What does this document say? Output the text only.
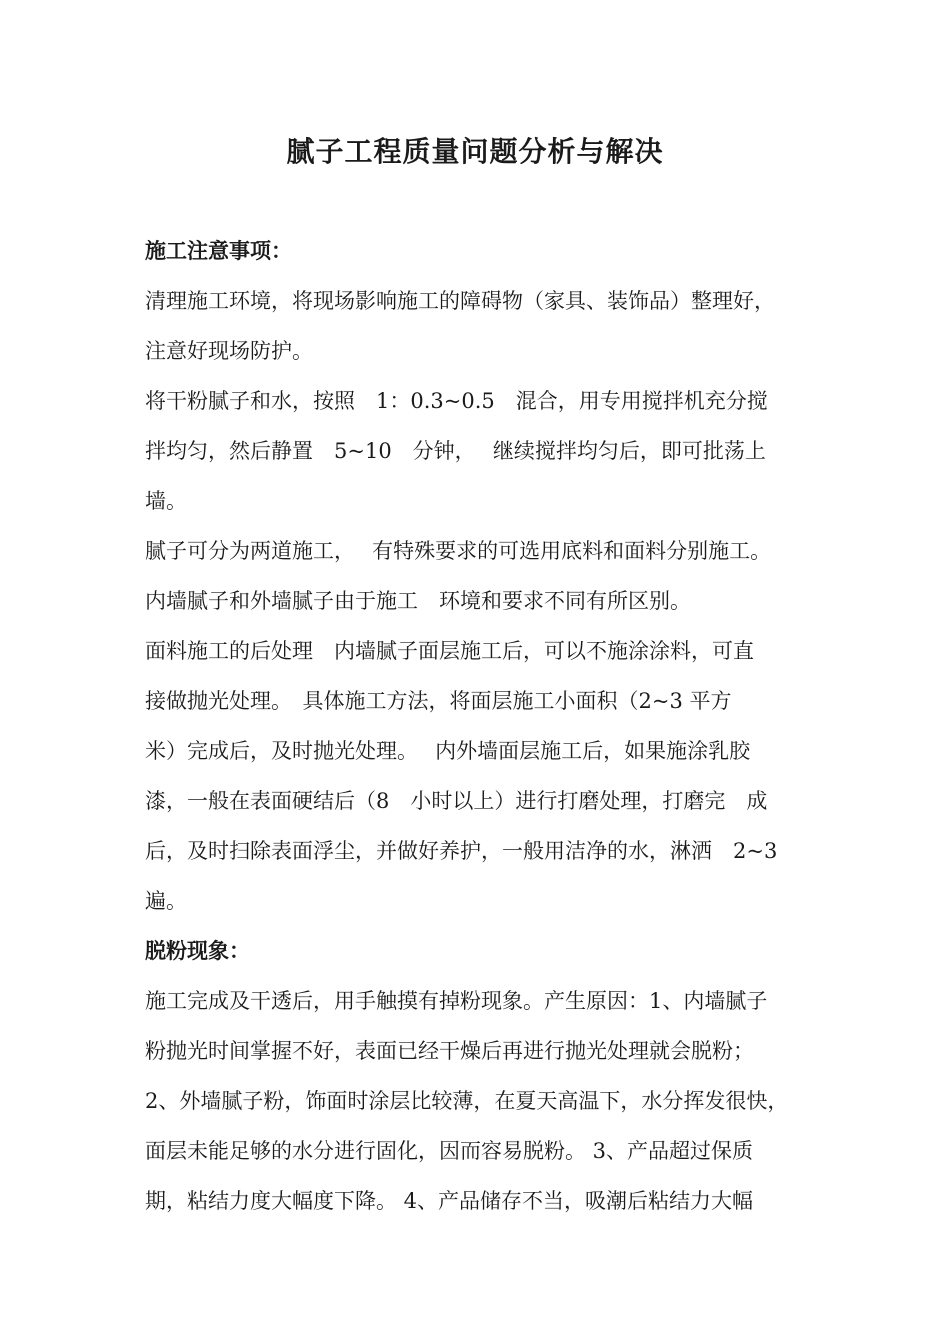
腻子工程质量问题分析与解决
施工注意事项：
清理施工环境，将现场影响施工的障碍物（家具、装饰品）整理好，
注意好现场防护。
将干粉腻子和水，按照　1：0.3~0.5　混合，用专用搅拌机充分搅
拌均匀，然后静置　5~10　分钟，　 继续搅拌均匀后，即可批荡上
墙。
腻子可分为两道施工，　 有特殊要求的可选用底料和面料分别施工。
内墙腻子和外墙腻子由于施工　环境和要求不同有所区别。
面料施工的后处理　内墙腻子面层施工后，可以不施涂涂料，可直
接做抛光处理。　具体施工方法，将面层施工小面积（2~3 平方
米）完成后，及时抛光处理。　 内外墙面层施工后，如果施涂乳胶
漆，一般在表面硬结后（8　小时以上）进行打磨处理，打磨完　成
后，及时扫除表面浮尘，并做好养护，一般用洁净的水，淋洒　2~3
遍。
脱粉现象：
施工完成及干透后，用手触摸有掉粉现象。产生原因：1、内墙腻子
粉抛光时间掌握不好，表面已经干燥后再进行抛光处理就会脱粉；
2、外墙腻子粉，饰面时涂层比较薄，在夏天高温下，水分挥发很快，
面层未能足够的水分进行固化，因而容易脱粉。 3、产品超过保质
期，粘结力度大幅度下降。 4、产品储存不当，吸潮后粘结力大幅
